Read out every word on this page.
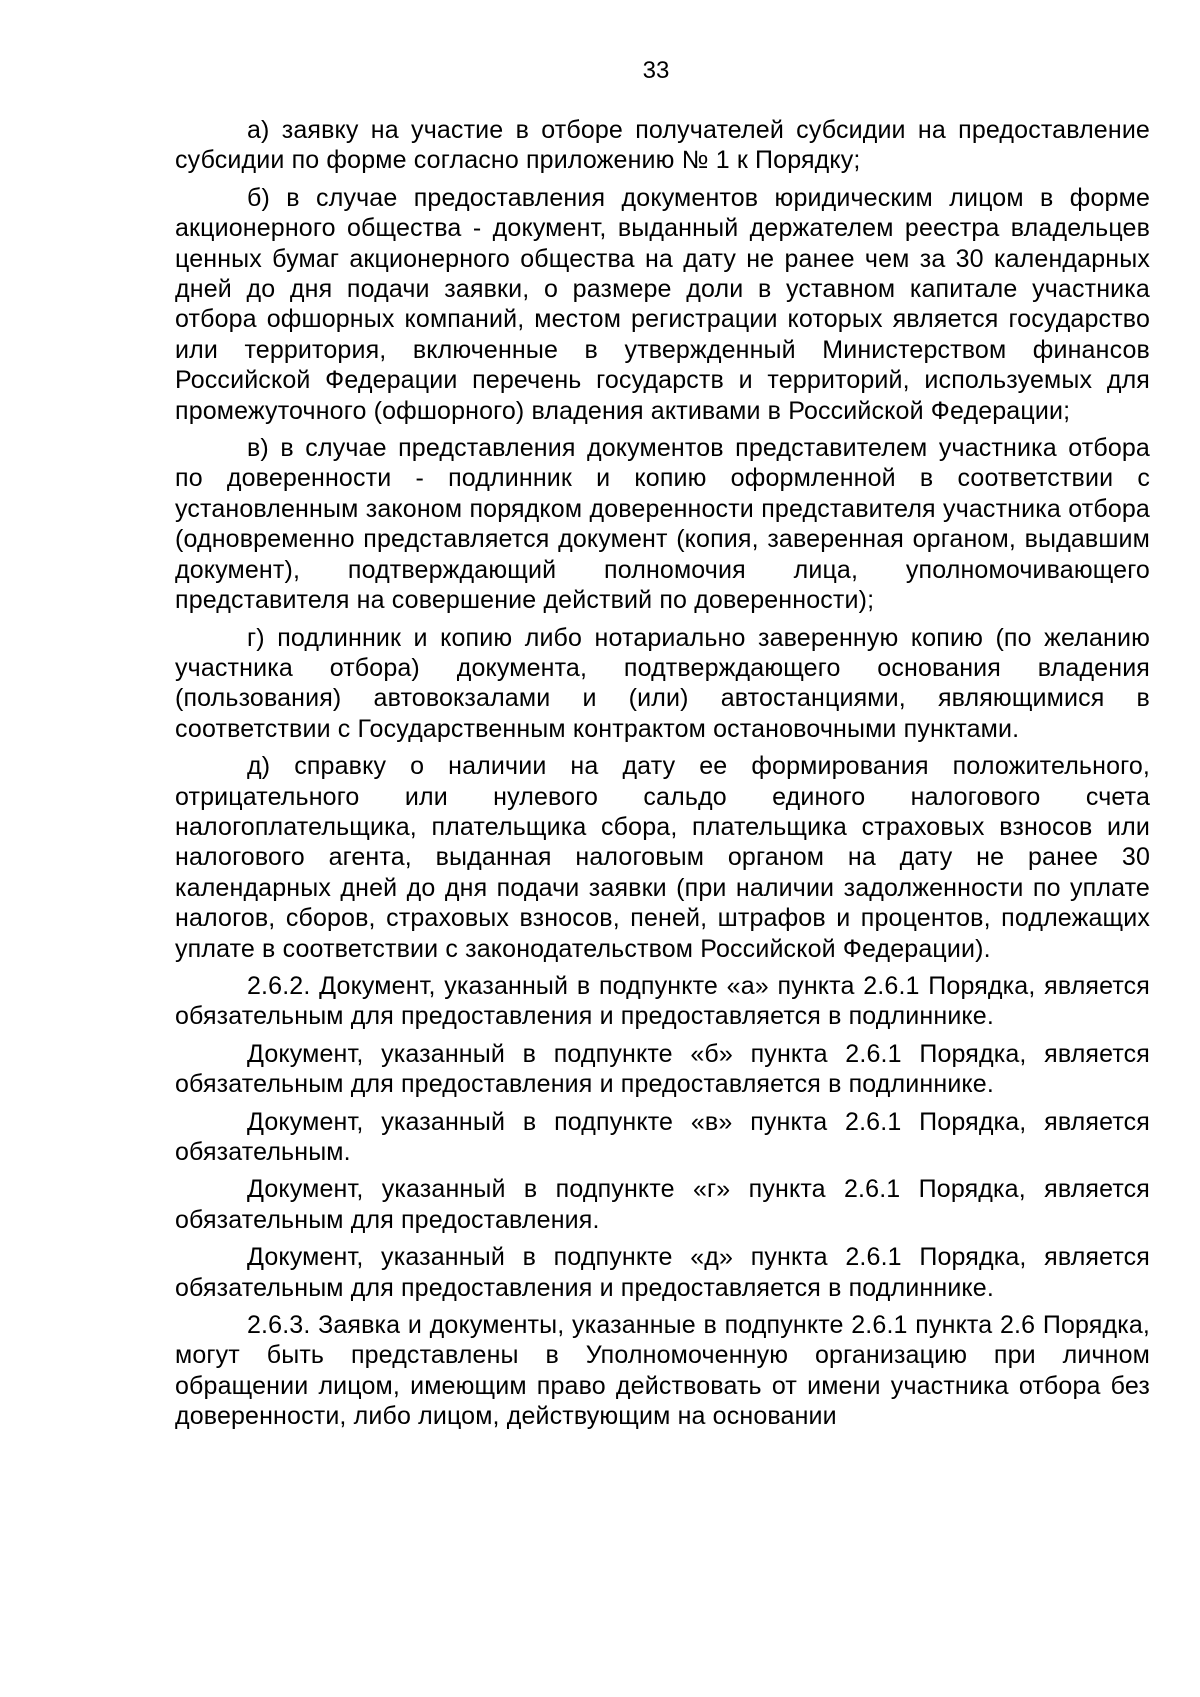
33

а) заявку на участие в отборе получателей субсидии на предоставление субсидии по форме согласно приложению № 1 к Порядку;

б) в случае предоставления документов юридическим лицом в форме акционерного общества - документ, выданный держателем реестра владельцев ценных бумаг акционерного общества на дату не ранее чем за 30 календарных дней до дня подачи заявки, о размере доли в уставном капитале участника отбора офшорных компаний, местом регистрации которых является государство или территория, включенные в утвержденный Министерством финансов Российской Федерации перечень государств и территорий, используемых для промежуточного (офшорного) владения активами в Российской Федерации;

в) в случае представления документов представителем участника отбора по доверенности - подлинник и копию оформленной в соответствии с установленным законом порядком доверенности представителя участника отбора (одновременно представляется документ (копия, заверенная органом, выдавшим документ), подтверждающий полномочия лица, уполномочивающего представителя на совершение действий по доверенности);

г) подлинник и копию либо нотариально заверенную копию (по желанию участника отбора) документа, подтверждающего основания владения (пользования) автовокзалами и (или) автостанциями, являющимися в соответствии с Государственным контрактом остановочными пунктами.

д) справку о наличии на дату ее формирования положительного, отрицательного или нулевого сальдо единого налогового счета налогоплательщика, плательщика сбора, плательщика страховых взносов или налогового агента, выданная налоговым органом на дату не ранее 30 календарных дней до дня подачи заявки (при наличии задолженности по уплате налогов, сборов, страховых взносов, пеней, штрафов и процентов, подлежащих уплате в соответствии с законодательством Российской Федерации).

2.6.2. Документ, указанный в подпункте «а» пункта 2.6.1 Порядка, является обязательным для предоставления и предоставляется в подлиннике.

Документ, указанный в подпункте «б» пункта 2.6.1 Порядка, является обязательным для предоставления и предоставляется в подлиннике.

Документ, указанный в подпункте «в» пункта 2.6.1 Порядка, является обязательным.

Документ, указанный в подпункте «г» пункта 2.6.1 Порядка, является обязательным для предоставления.

Документ, указанный в подпункте «д» пункта 2.6.1 Порядка, является обязательным для предоставления и предоставляется в подлиннике.

2.6.3. Заявка и документы, указанные в подпункте 2.6.1 пункта 2.6 Порядка, могут быть представлены в Уполномоченную организацию при личном обращении лицом, имеющим право действовать от имени участника отбора без доверенности, либо лицом, действующим на основании
